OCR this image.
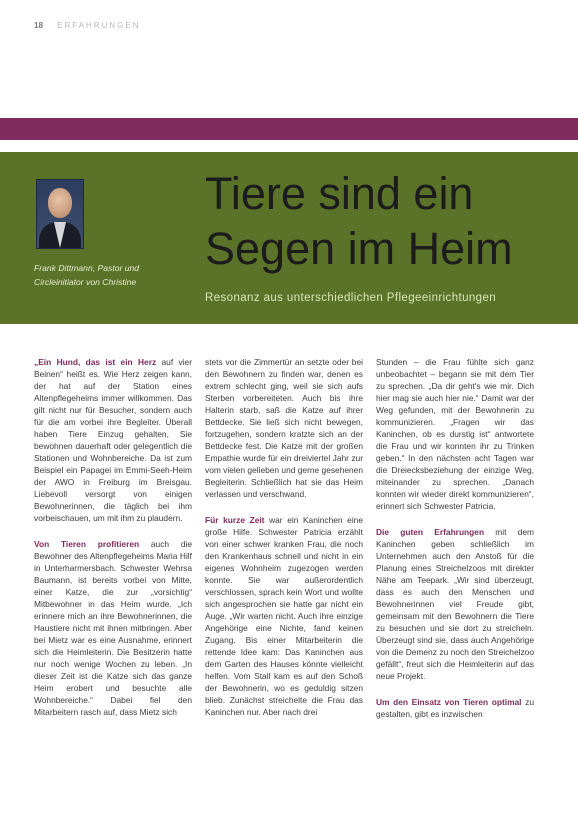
18 ERFAHRUNGEN
Frank Dittmann, Pastor und Circleinitiator von Christine
Tiere sind ein
Segen im Heim
Resonanz aus unterschiedlichen Pflegeeinrichtungen

„Ein Hund, das ist ein Herz auf vier Beinen“ heißt es. Wie Herz zeigen kann, der hat auf der Station eines Altenpflegeheims immer willkommen. Das gilt nicht nur für Besucher, sondern auch für die am vorbei ihre Begleiter. Überall haben Tiere Einzug gehalten, Sie bewohnen dauerhaft oder gelegentlich die Stationen und Wohnbereiche. Da ist zum Beispiel ein Papagei im Emmi-Seeh-Heim der AWO in Freiburg im Breisgau. Liebevoll versorgt von einigen Bewohnerinnen, die täglich bei ihm vorbeischauen, um mit ihm zu plaudern.

Von Tieren profitieren auch die Bewohner des Altenpflegeheims Maria Hilf in Unterharmersbach. Schwester Wehrsa Baumann, ist bereits vorbei von Mitte, einer Katze, die zur „vorsichtig“ Mitbewohner in das Heim wurde. „Ich erinnere mich an ihre Bewohnerinnen, die Haustiere nicht mit ihnen mitbringen. Aber bei Mietz war es eine Ausnahme, erinnert sich die Heimleiterin. Die Besitzerin hatte nur noch wenige Wochen zu leben. „In dieser Zeit ist die Katze sich das ganze Heim erobert und besuchte alle Wohnbereiche.“ Dabei fiel den Mitarbeitern rasch auf, dass Mietz sich

stets vor die Zimmertür an setzte oder bei den Bewohnern zu finden war, denen es extrem schlecht ging, weil sie sich aufs Sterben vorbereiteten. Auch bis ihre Halterin starb, saß die Katze auf ihrer Bettdecke. Sie ließ sich nicht bewegen, fortzugehen, sondern kratzte sich an der Bettdecke fest. Die Katze mit der großen Empathie wurde für ein dreiviertel Jahr zur vom vielen gelieben und gerne gesehenen Begleiterin. Schließlich hat sie das Heim verlassen und verschwand.

Für kurze Zeit war ein Kaninchen eine große Hilfe. Schwester Patricia erzählt von einer schwer kranken Frau, die noch den Krankenhaus schnell und nicht in ein eigenes Wohnheim zugezogen werden konnte. Sie war außerordentlich verschlossen, sprach kein Wort und wollte sich angesprochen sie hatte gar nicht ein Auge. „Wir warten nicht. Auch ihre einzige Angehörige eine Nichte, fand keinen Zugang. Bis einer Mitarbeiterin die rettende Idee kam: Das Kaninchen aus dem Garten des Hauses könnte vielleicht helfen. Vom Stall kam es auf den Schoß der Bewohnerin, wo es geduldig sitzen blieb. Zunächst streichelte die Frau das Kaninchen nur. Aber nach drei

Stunden – die Frau fühlte sich ganz unbeobachtet – begann sie mit dem Tier zu sprechen. „Da dir geht's wie mir. Dich hier mag sie auch hier nie.“ Damit war der Weg gefunden, mit der Bewohnerin zu kommunizieren. „Fragen wir das Kaninchen, ob es durstig ist“ antwortete die Frau und wir konnten ihr zu Trinken geben.“ In den nächsten acht Tagen war die Dreiecksbeziehung der einzige Weg, miteinander zu sprechen. „Danach konnten wir wieder direkt kommunizieren“, erinnert sich Schwester Patricia.

Die guten Erfahrungen mit dem Kaninchen geben schließlich im Unternehmen auch den Anstoß für die Planung eines Streichelzoos mit direkter Nähe am Teepark. „Wir sind überzeugt, dass es auch den Menschen und Bewohnerinnen viel Freude gibt, gemeinsam mit den Bewohnern die Tiere zu besuchen und sie dort zu streicheln. Überzeugt sind sie, dass auch Angehörige von die Demenz zu noch den Streichelzoo gefällt“, freut sich die Heimleiterin auf das neue Projekt.

Um den Einsatz von Tieren optimal zu gestalten, gibt es inzwischen
